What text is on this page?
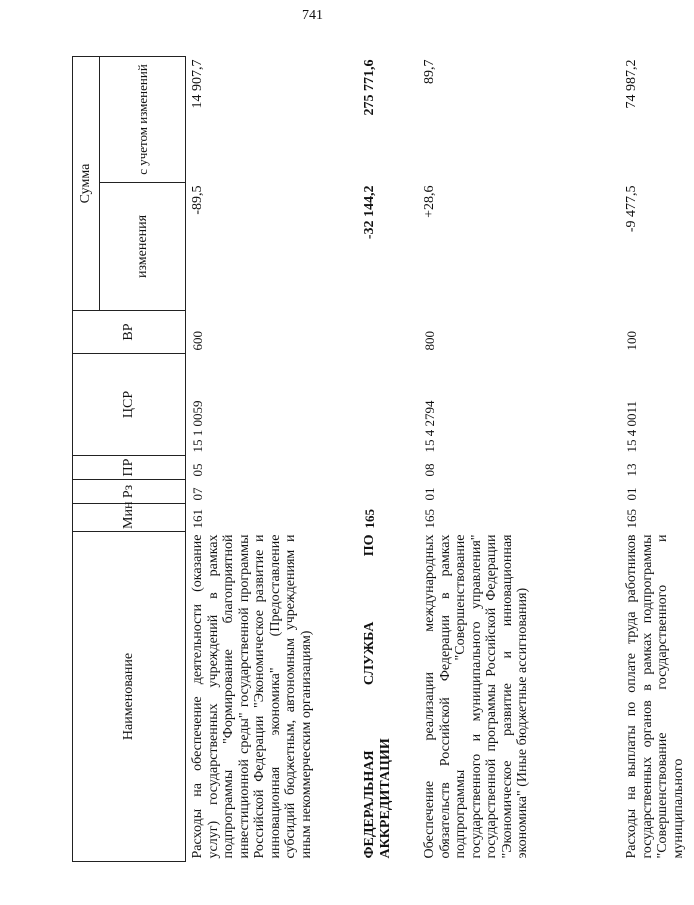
741
Наименование	Мин	Рз	ПР	ЦСР	ВР	Сумма	
						изменения	с учетом изменений
Расходы на обеспечение деятельности (оказание услуг) государственных учреждений в рамках подпрограммы "Формирование благоприятной инвестиционной среды" государственной программы Российской Федерации "Экономическое развитие и инновационная экономика" (Предоставление субсидий бюджетным, автономным учреждениям и иным некоммерческим организациям)	161	07	05	15 1 0059	600	-89,5	14 907,7
ФЕДЕРАЛЬНАЯ СЛУЖБА ПО АККРЕДИТАЦИИ	165					-32 144,2	275 771,6
Обеспечение реализации международных обязательств Российской Федерации в рамках подпрограммы "Совершенствование государственного и муниципального управления" государственной программы Российской Федерации "Экономическое развитие и инновационная экономика" (Иные бюджетные ассигнования)	165	01	08	15 4 2794	800	+28,6	89,7
Расходы на выплаты по оплате труда работников государственных органов в рамках подпрограммы "Совершенствование государственного и муниципального	165	01	13	15 4 0011	100	-9 477,5	74 987,2
